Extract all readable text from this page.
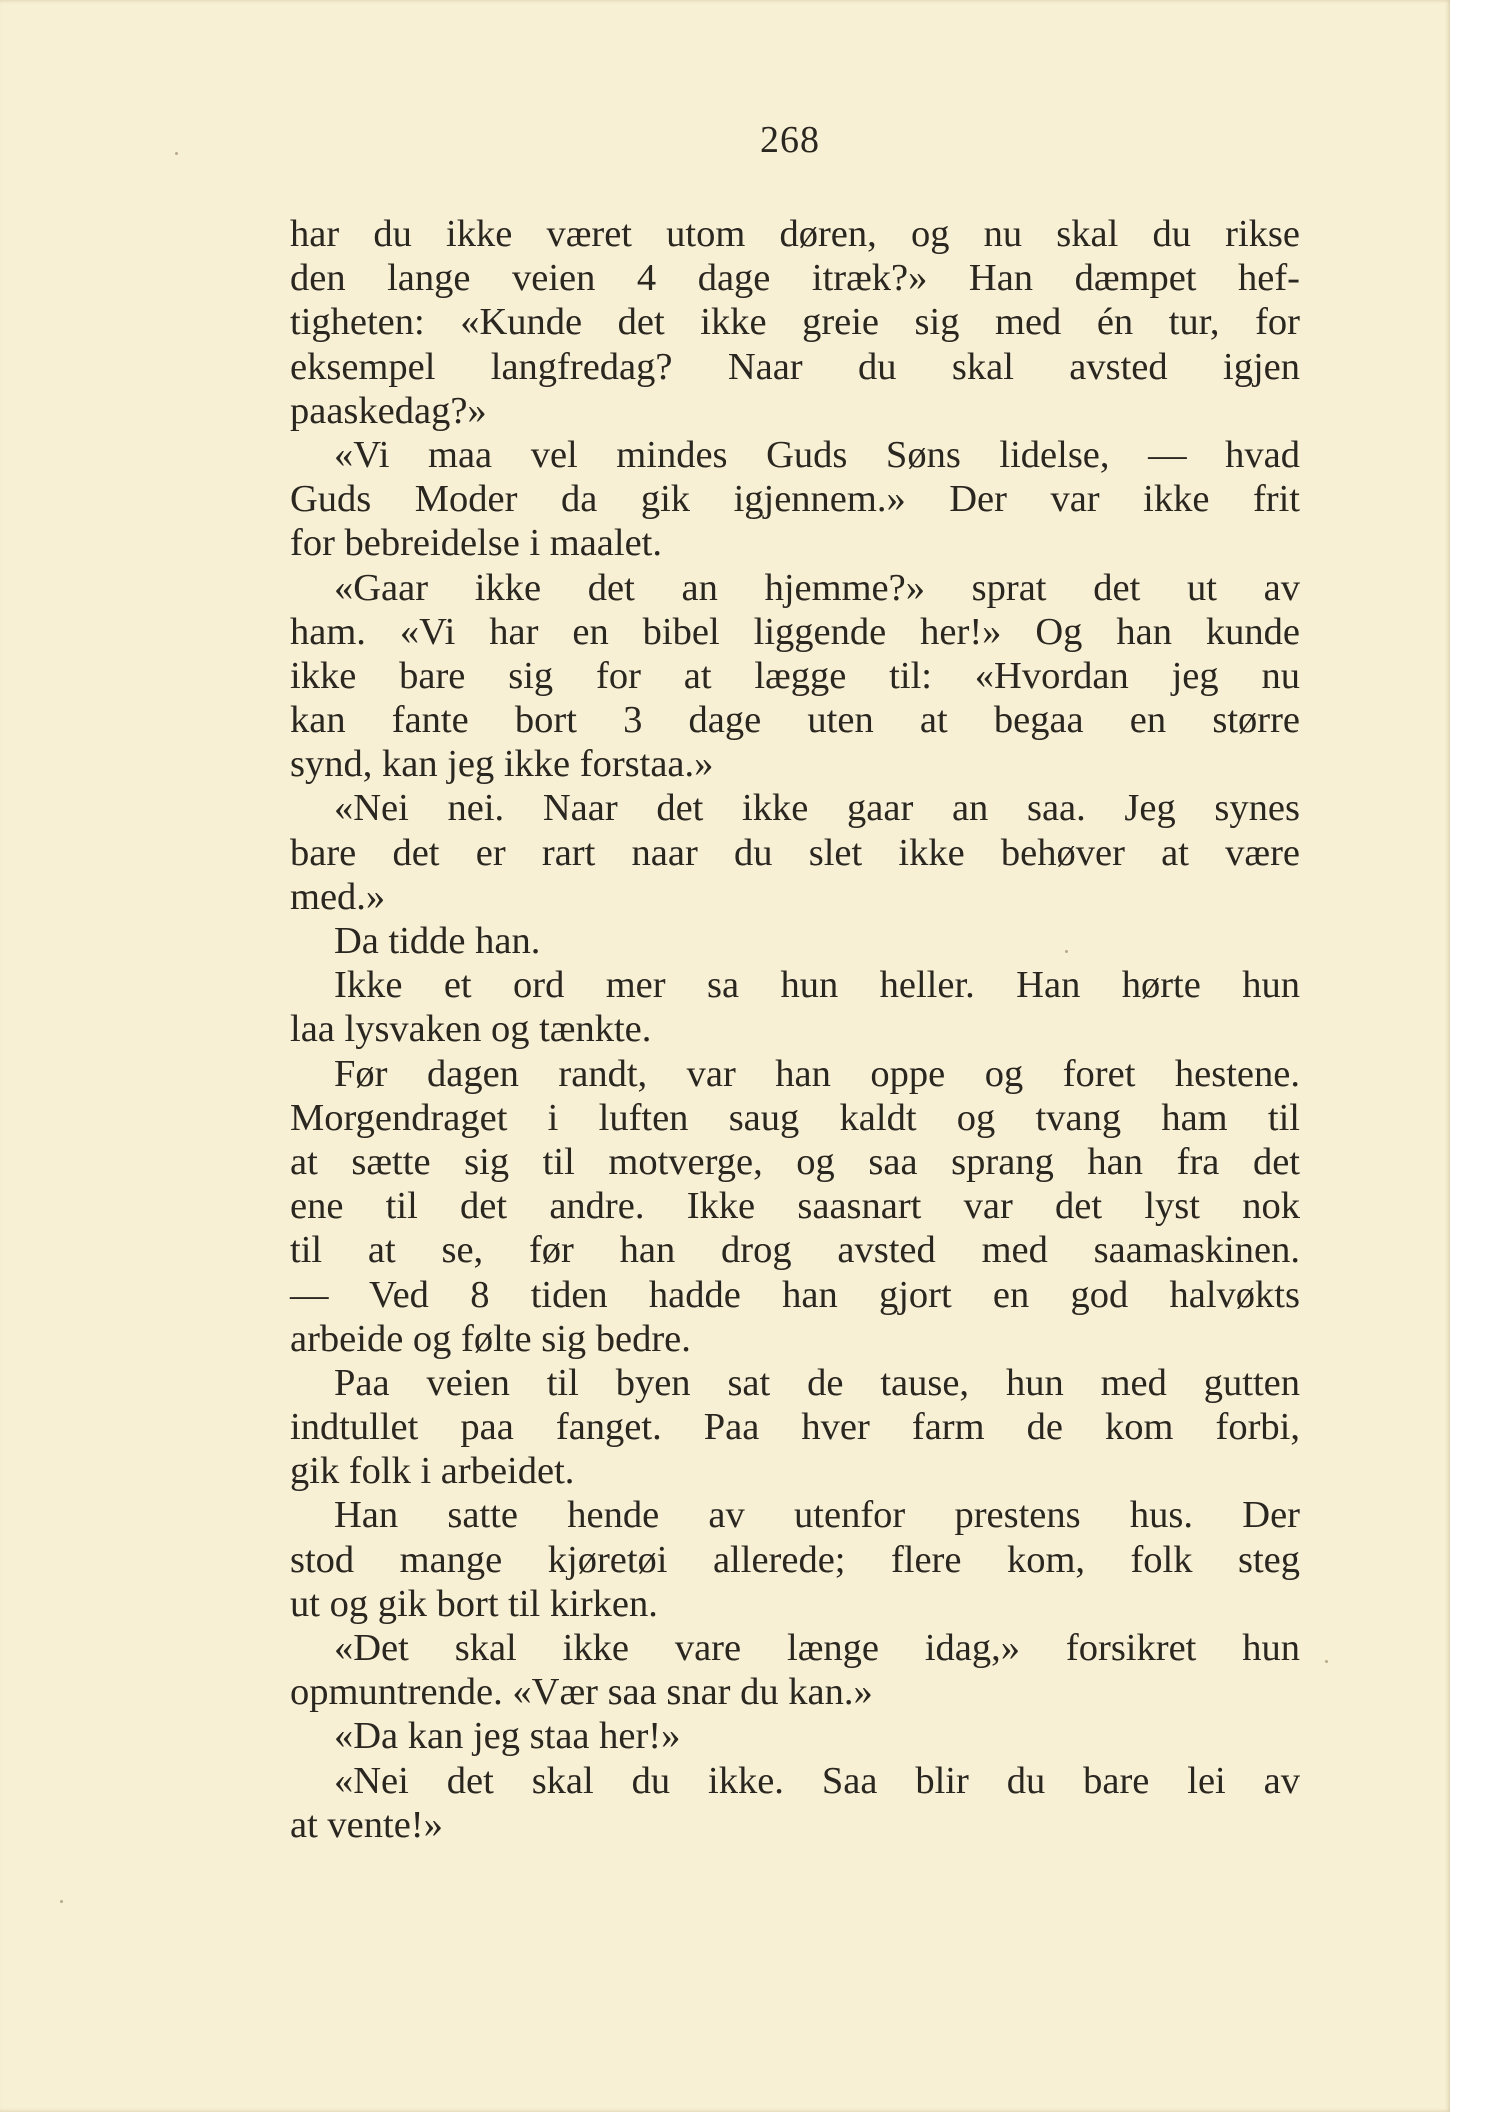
268
har du ikke været utom døren, og nu skal du rikse
den lange veien 4 dage itræk?» Han dæmpet hef-
tigheten: «Kunde det ikke greie sig med én tur, for
eksempel langfredag? Naar du skal avsted igjen
paaskedag?»
«Vi maa vel mindes Guds Søns lidelse, — hvad
Guds Moder da gik igjennem.» Der var ikke frit
for bebreidelse i maalet.
«Gaar ikke det an hjemme?» sprat det ut av
ham. «Vi har en bibel liggende her!» Og han kunde
ikke bare sig for at lægge til: «Hvordan jeg nu
kan fante bort 3 dage uten at begaa en større
synd, kan jeg ikke forstaa.»
«Nei nei. Naar det ikke gaar an saa. Jeg synes
bare det er rart naar du slet ikke behøver at være
med.»
Da tidde han.
Ikke et ord mer sa hun heller. Han hørte hun
laa lysvaken og tænkte.
Før dagen randt, var han oppe og foret hestene.
Morgendraget i luften saug kaldt og tvang ham til
at sætte sig til motverge, og saa sprang han fra det
ene til det andre. Ikke saasnart var det lyst nok
til at se, før han drog avsted med saamaskinen.
— Ved 8 tiden hadde han gjort en god halvøkts
arbeide og følte sig bedre.
Paa veien til byen sat de tause, hun med gutten
indtullet paa fanget. Paa hver farm de kom forbi,
gik folk i arbeidet.
Han satte hende av utenfor prestens hus. Der
stod mange kjøretøi allerede; flere kom, folk steg
ut og gik bort til kirken.
«Det skal ikke vare længe idag,» forsikret hun
opmuntrende. «Vær saa snar du kan.»
«Da kan jeg staa her!»
«Nei det skal du ikke. Saa blir du bare lei av
at vente!»
